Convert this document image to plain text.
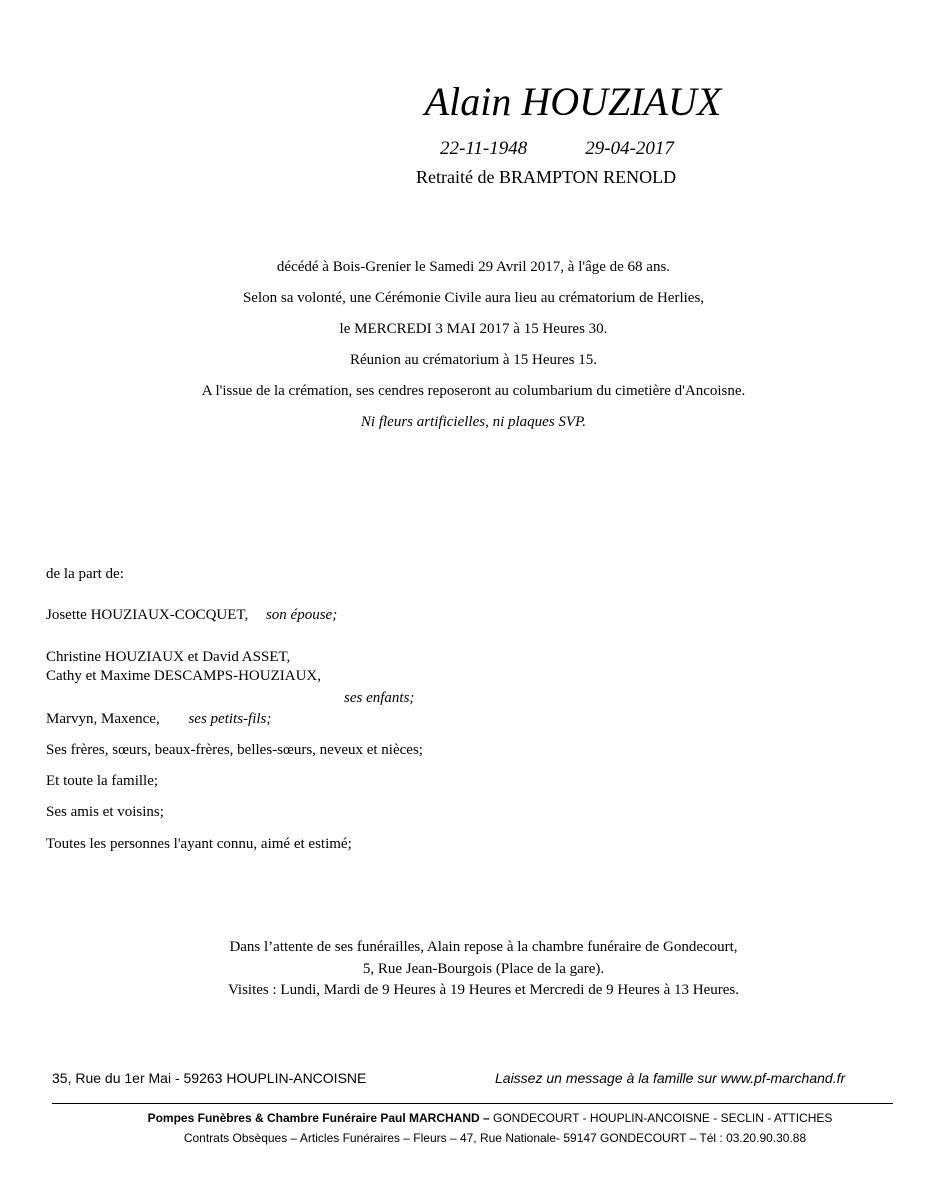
Alain HOUZIAUX
22-11-1948	29-04-2017
Retraité de BRAMPTON RENOLD
décédé à Bois-Grenier le Samedi 29 Avril 2017, à l'âge de 68 ans.
Selon sa volonté, une Cérémonie Civile aura lieu au crématorium de Herlies,
le MERCREDI 3 MAI 2017 à 15 Heures 30.
Réunion au crématorium à 15 Heures 15.
A l'issue de la crémation, ses cendres reposeront au columbarium du cimetière d'Ancoisne.
Ni fleurs artificielles, ni plaques SVP.
de la part de:
Josette HOUZIAUX-COCQUET, son épouse;
Christine HOUZIAUX et David ASSET,
Cathy et Maxime DESCAMPS-HOUZIAUX,
ses enfants;
Marvyn, Maxence, ses petits-fils;
Ses frères, sœurs, beaux-frères, belles-sœurs, neveux et nièces;
Et toute la famille;
Ses amis et voisins;
Toutes les personnes l'ayant connu, aimé et estimé;
Dans l’attente de ses funérailles, Alain repose à la chambre funéraire de Gondecourt,
5, Rue Jean-Bourgois (Place de la gare).
Visites : Lundi, Mardi de 9 Heures à 19 Heures et Mercredi de 9 Heures à 13 Heures.
35, Rue du 1er Mai - 59263 HOUPLIN-ANCOISNE	Laissez un message à la famille sur www.pf-marchand.fr
Pompes Funèbres & Chambre Funéraire Paul MARCHAND – GONDECOURT - HOUPLIN-ANCOISNE - SECLIN - ATTICHES
Contrats Obsèques – Articles Funéraires – Fleurs – 47, Rue Nationale- 59147 GONDECOURT – Tél : 03.20.90.30.88
